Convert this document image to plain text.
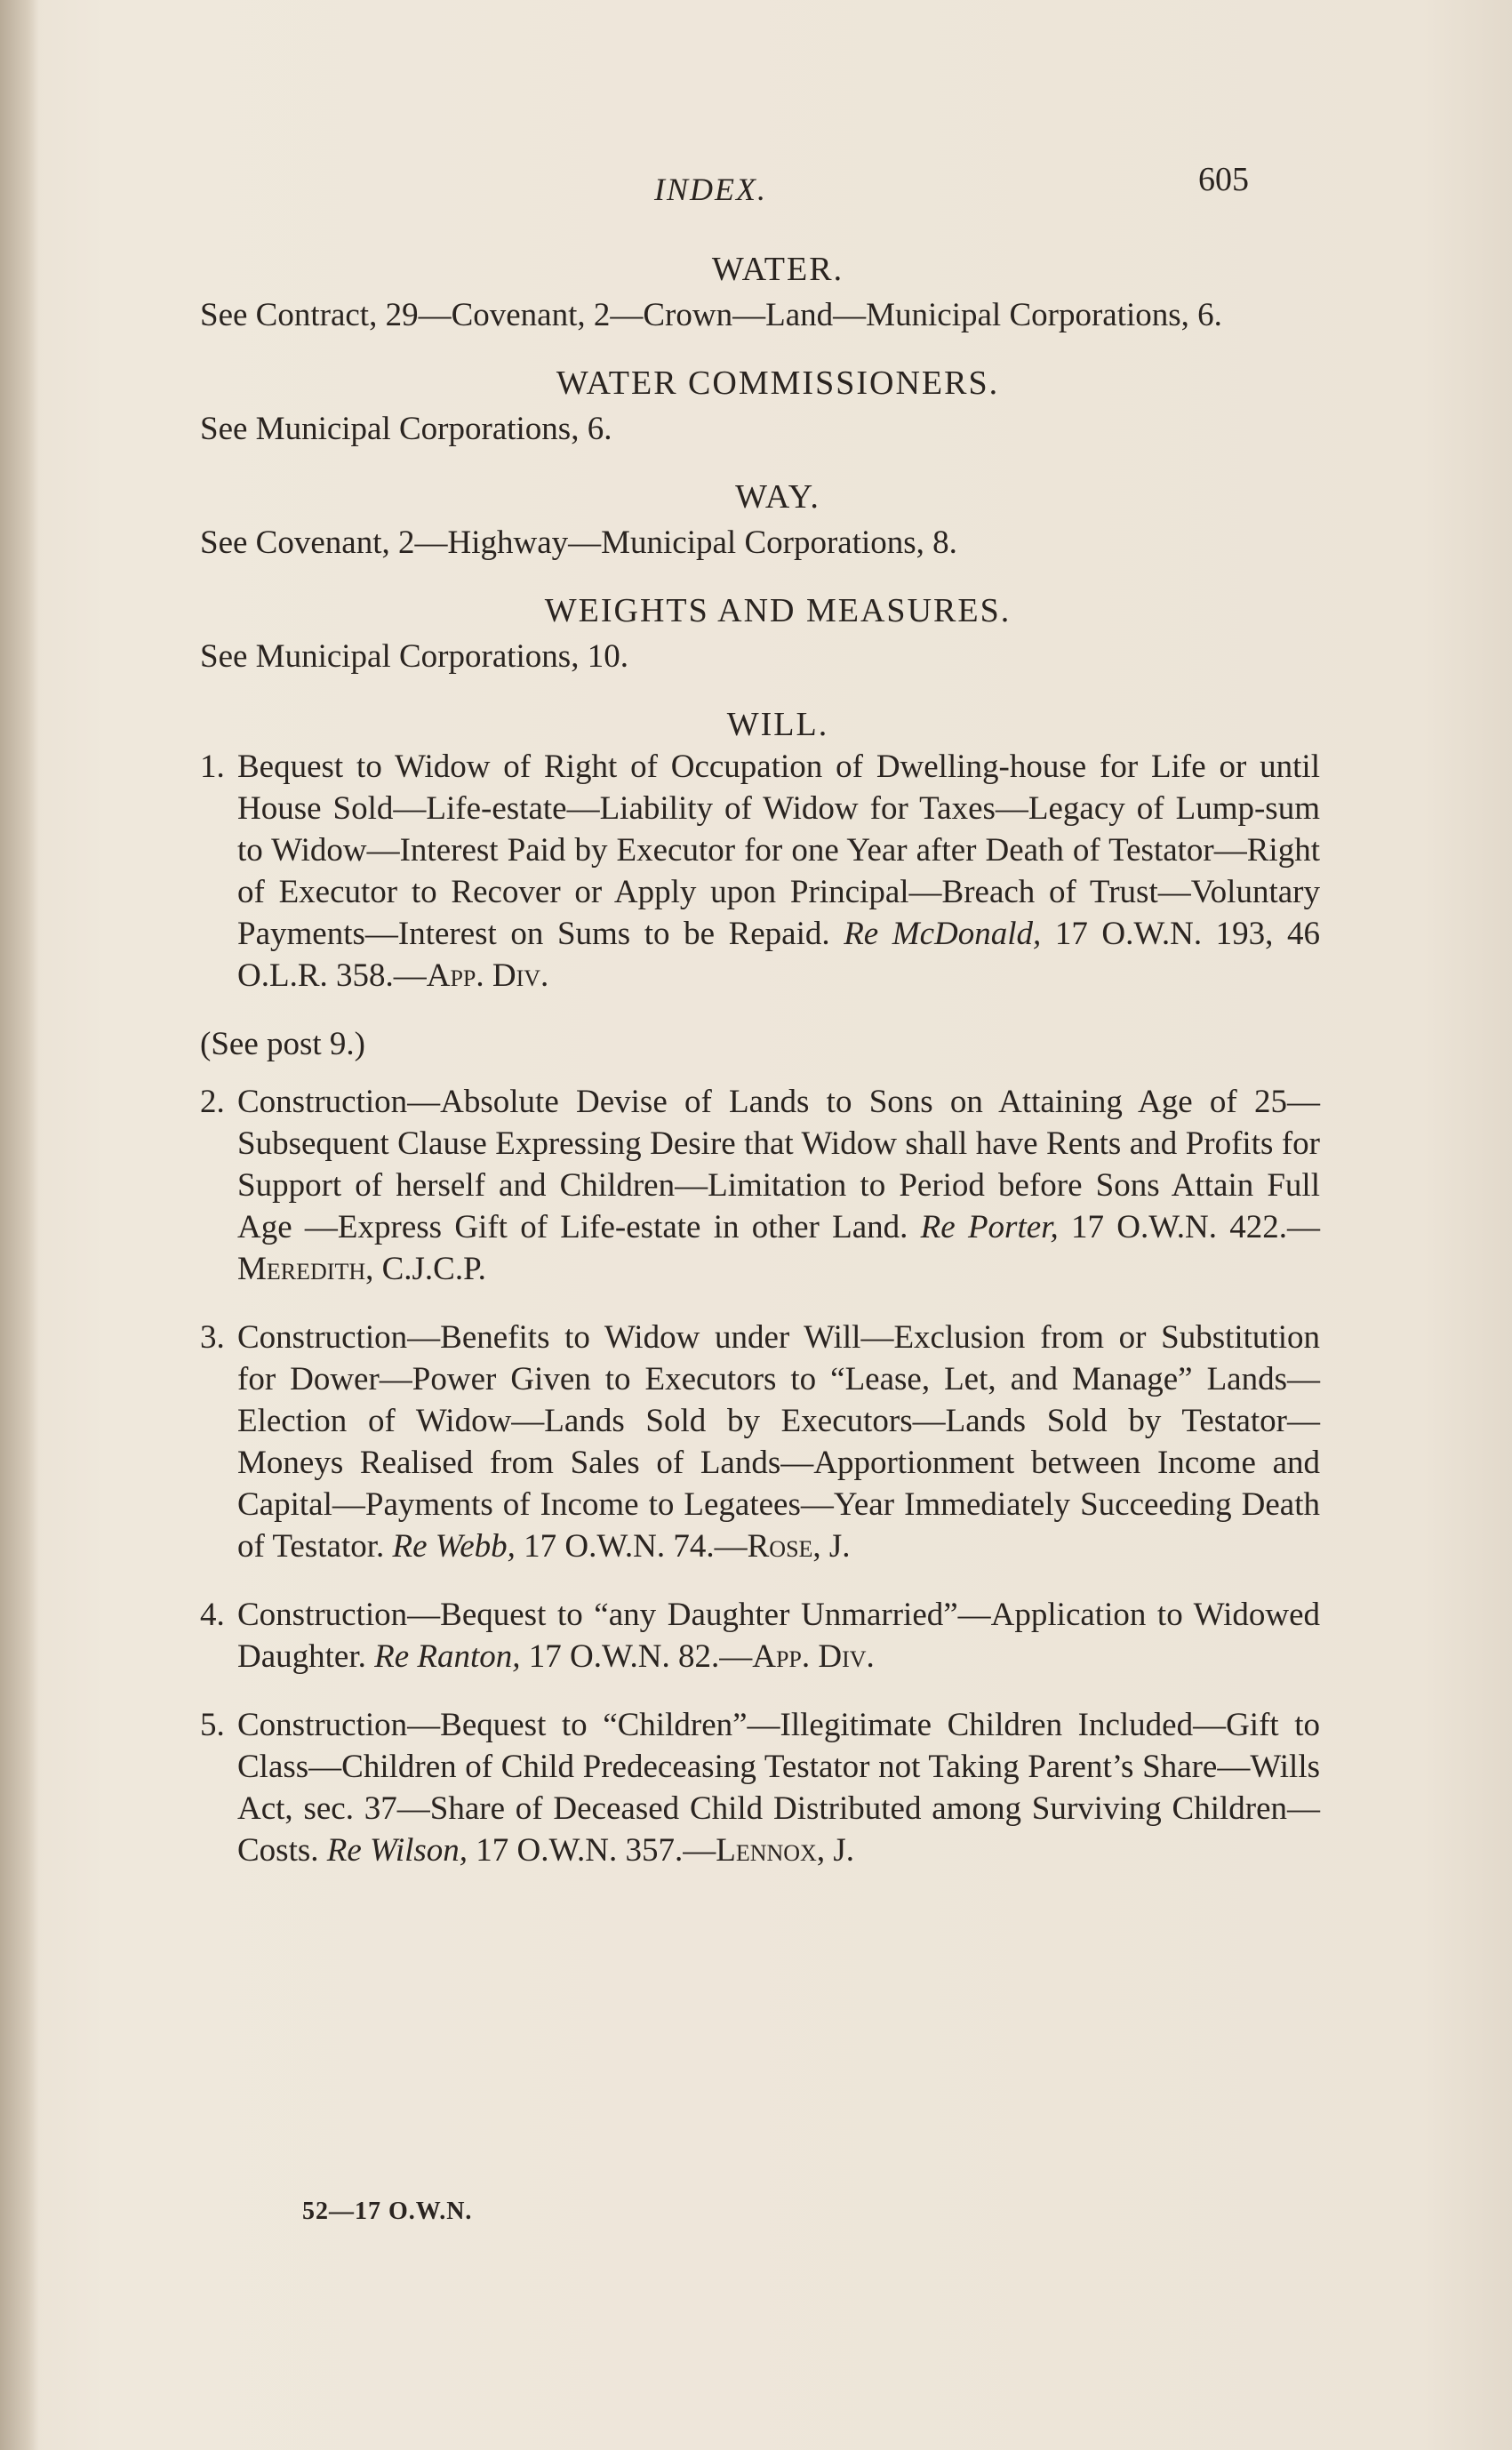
INDEX.	605

WATER.

See Contract, 29—Covenant, 2—Crown—Land—Municipal Corporations, 6.

WATER COMMISSIONERS.

See Municipal Corporations, 6.

WAY.

See Covenant, 2—Highway—Municipal Corporations, 8.

WEIGHTS AND MEASURES.

See Municipal Corporations, 10.

WILL.

1. Bequest to Widow of Right of Occupation of Dwelling-house for Life or until House Sold—Life-estate—Liability of Widow for Taxes—Legacy of Lump-sum to Widow—Interest Paid by Executor for one Year after Death of Testator—Right of Executor to Recover or Apply upon Principal—Breach of Trust—Voluntary Payments—Interest on Sums to be Repaid. Re McDonald, 17 O.W.N. 193, 46 O.L.R. 358.—App. Div.

(See post 9.)

2. Construction—Absolute Devise of Lands to Sons on Attaining Age of 25—Subsequent Clause Expressing Desire that Widow shall have Rents and Profits for Support of herself and Children—Limitation to Period before Sons Attain Full Age —Express Gift of Life-estate in other Land. Re Porter, 17 O.W.N. 422.—Meredith, C.J.C.P.
3. Construction—Benefits to Widow under Will—Exclusion from or Substitution for Dower—Power Given to Executors to “Lease, Let, and Manage” Lands—Election of Widow—Lands Sold by Executors—Lands Sold by Testator—Moneys Realised from Sales of Lands—Apportionment between Income and Capital—Payments of Income to Legatees—Year Immediately Succeeding Death of Testator. Re Webb, 17 O.W.N. 74.—Rose, J.
4. Construction—Bequest to “any Daughter Unmarried”—Application to Widowed Daughter. Re Ranton, 17 O.W.N. 82.—App. Div.
5. Construction—Bequest to “Children”—Illegitimate Children Included—Gift to Class—Children of Child Predeceasing Testator not Taking Parent’s Share—Wills Act, sec. 37—Share of Deceased Child Distributed among Surviving Children—Costs. Re Wilson, 17 O.W.N. 357.—Lennox, J.
52—17 O.W.N.
